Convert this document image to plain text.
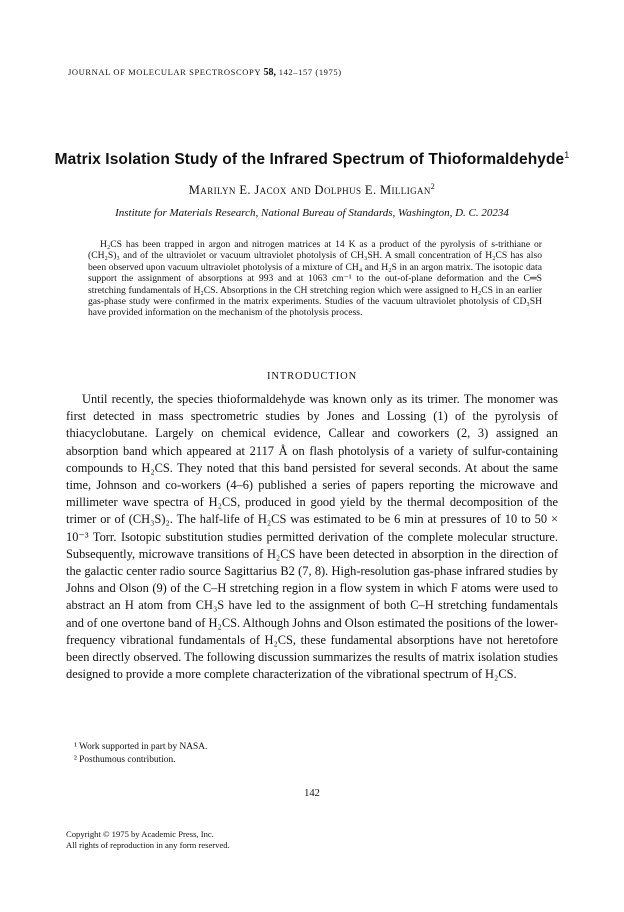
JOURNAL OF MOLECULAR SPECTROSCOPY 58, 142–157 (1975)
Matrix Isolation Study of the Infrared Spectrum of Thioformaldehyde$^1$
Marilyn E. Jacox and Dolphus E. Milligan$^2$
Institute for Materials Research, National Bureau of Standards, Washington, D. C. 20234

H₂CS has been trapped in argon and nitrogen matrices at 14 K as a product of the pyrolysis of s-trithiane or (CH₂S)₃ and of the ultraviolet or vacuum ultraviolet photolysis of CH₃SH. A small concentration of H₂CS has also been observed upon vacuum ultraviolet photolysis of a mixture of CH₄ and H₂S in an argon matrix. The isotopic data support the assignment of absorptions at 993 and at 1063 cm⁻¹ to the out-of-plane deformation and the C═S stretching fundamentals of H₂CS. Absorptions in the CH stretching region which were assigned to H₂CS in an earlier gas-phase study were confirmed in the matrix experiments. Studies of the vacuum ultraviolet photolysis of CD₃SH have provided information on the mechanism of the photolysis process.

INTRODUCTION

Until recently, the species thioformaldehyde was known only as its trimer. The monomer was first detected in mass spectrometric studies by Jones and Lossing (1) of the pyrolysis of thiacyclobutane. Largely on chemical evidence, Callear and coworkers (2, 3) assigned an absorption band which appeared at 2117 Å on flash photolysis of a variety of sulfur-containing compounds to H₂CS. They noted that this band persisted for several seconds. At about the same time, Johnson and co-workers (4–6) published a series of papers reporting the microwave and millimeter wave spectra of H₂CS, produced in good yield by the thermal decomposition of the trimer or of (CH₃S)₂. The half-life of H₂CS was estimated to be 6 min at pressures of 10 to 50 × 10⁻³ Torr. Isotopic substitution studies permitted derivation of the complete molecular structure. Subsequently, microwave transitions of H₂CS have been detected in absorption in the direction of the galactic center radio source Sagittarius B2 (7, 8). High-resolution gas-phase infrared studies by Johns and Olson (9) of the C–H stretching region in a flow system in which F atoms were used to abstract an H atom from CH₃S have led to the assignment of both C–H stretching fundamentals and of one overtone band of H₂CS. Although Johns and Olson estimated the positions of the lower-frequency vibrational fundamentals of H₂CS, these fundamental absorptions have not heretofore been directly observed. The following discussion summarizes the results of matrix isolation studies designed to provide a more complete characterization of the vibrational spectrum of H₂CS.

¹ Work supported in part by NASA.
² Posthumous contribution.
142
Copyright © 1975 by Academic Press, Inc.
All rights of reproduction in any form reserved.
